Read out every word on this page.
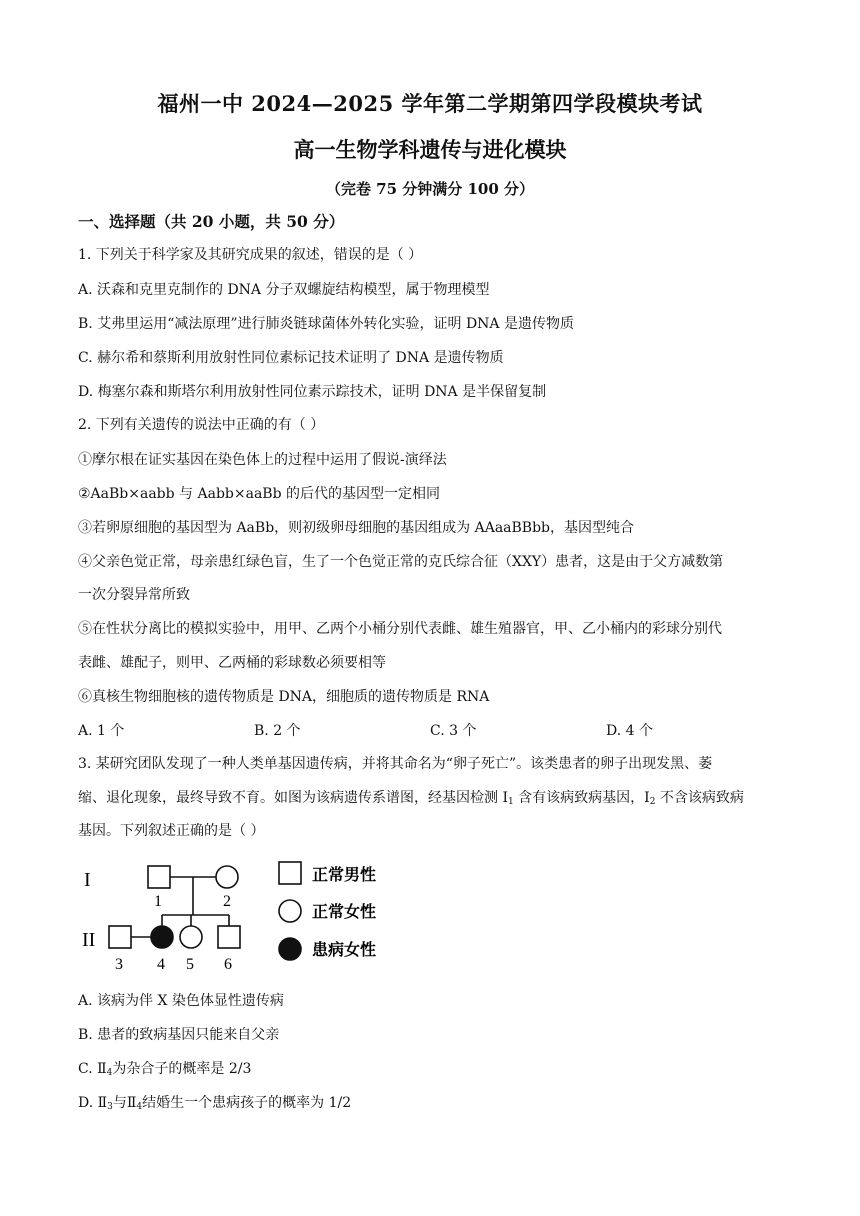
福州一中 2024—2025 学年第二学期第四学段模块考试
高一生物学科遗传与进化模块
（完卷 75 分钟满分 100 分）
一、选择题（共 20 小题，共 50 分）
1. 下列关于科学家及其研究成果的叙述，错误的是（ ）
A. 沃森和克里克制作的 DNA 分子双螺旋结构模型，属于物理模型
B. 艾弗里运用“减法原理”进行肺炎链球菌体外转化实验，证明 DNA 是遗传物质
C. 赫尔希和蔡斯利用放射性同位素标记技术证明了 DNA 是遗传物质
D. 梅塞尔森和斯塔尔利用放射性同位素示踪技术，证明 DNA 是半保留复制
2. 下列有关遗传的说法中正确的有（ ）
①摩尔根在证实基因在染色体上的过程中运用了假说-演绎法
②AaBb×aabb 与 Aabb×aaBb 的后代的基因型一定相同
③若卵原细胞的基因型为 AaBb，则初级卵母细胞的基因组成为 AAaaBBbb，基因型纯合
④父亲色觉正常，母亲患红绿色盲，生了一个色觉正常的克氏综合征（XXY）患者，这是由于父方减数第
一次分裂异常所致
⑤在性状分离比的模拟实验中，用甲、乙两个小桶分别代表雌、雄生殖器官，甲、乙小桶内的彩球分别代
表雌、雄配子，则甲、乙两桶的彩球数必须要相等
⑥真核生物细胞核的遗传物质是 DNA，细胞质的遗传物质是 RNA
A. 1 个	B. 2 个	C. 3 个	D. 4 个
3. 某研究团队发现了一种人类单基因遗传病，并将其命名为“卵子死亡”。该类患者的卵子出现发黑、萎
缩、退化现象，最终导致不育。如图为该病遗传系谱图，经基因检测 $I_1$ 含有该病致病基因，$I_2$ 不含该病致病
基因。下列叙述正确的是（ ）
I
II
1	2
3 4 5 6
正常男性
正常女性
患病女性
A. 该病为伴 X 染色体显性遗传病
B. 患者的致病基因只能来自父亲
C. $Ⅱ_4$为杂合子的概率是 2/3
D. $Ⅱ_3$与$Ⅱ_4$结婚生一个患病孩子的概率为 1/2
